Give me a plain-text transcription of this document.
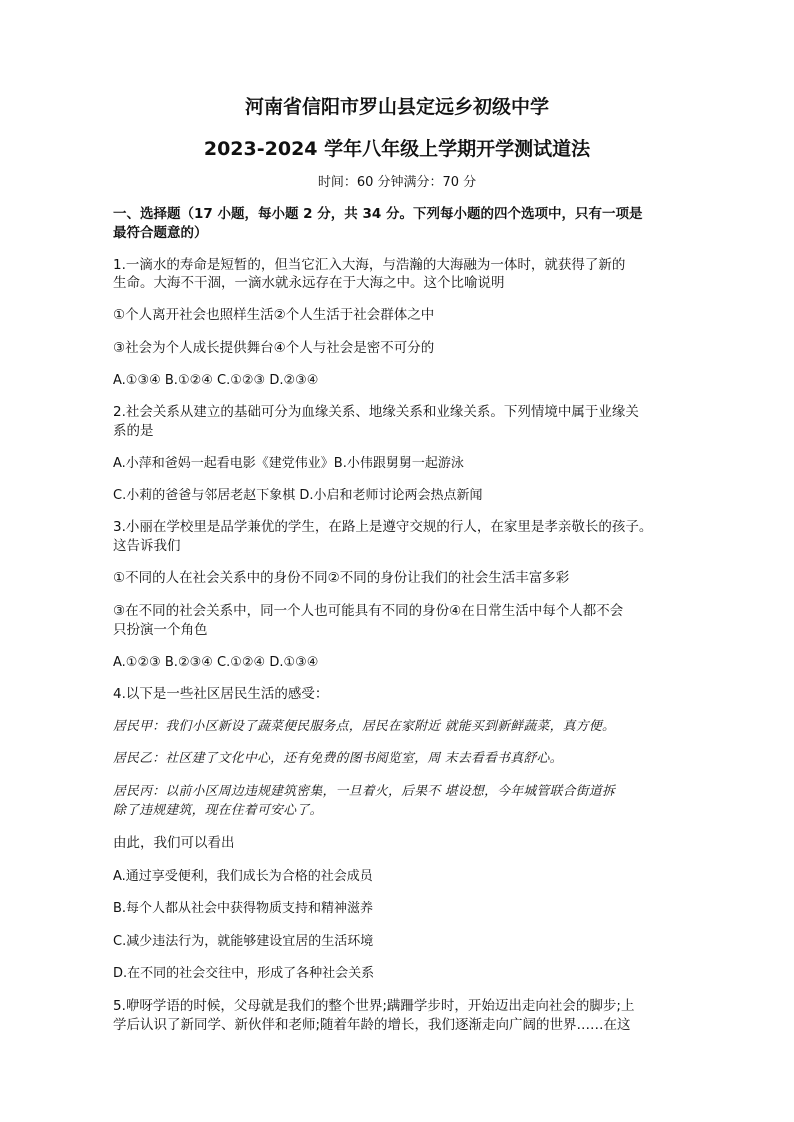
河南省信阳市罗山县定远乡初级中学
2023-2024 学年八年级上学期开学测试道法
时间：60 分钟满分：70 分
一、选择题（17 小题，每小题 2 分，共 34 分。下列每小题的四个选项中，只有一项是
最符合题意的）
1.一滴水的寿命是短暂的，但当它汇入大海，与浩瀚的大海融为一体时，就获得了新的
生命。大海不干涸，一滴水就永远存在于大海之中。这个比喻说明
①个人离开社会也照样生活②个人生活于社会群体之中
③社会为个人成长提供舞台④个人与社会是密不可分的
A.①③④ B.①②④ C.①②③ D.②③④
2.社会关系从建立的基础可分为血缘关系、地缘关系和业缘关系。下列情境中属于业缘关
系的是
A.小萍和爸妈一起看电影《建党伟业》B.小伟跟舅舅一起游泳
C.小莉的爸爸与邻居老赵下象棋 D.小启和老师讨论两会热点新闻
3.小丽在学校里是品学兼优的学生，在路上是遵守交规的行人，在家里是孝亲敬长的孩子。
这告诉我们
①不同的人在社会关系中的身份不同②不同的身份让我们的社会生活丰富多彩
③在不同的社会关系中，同一个人也可能具有不同的身份④在日常生活中每个人都不会
只扮演一个角色
A.①②③ B.②③④ C.①②④ D.①③④
4.以下是一些社区居民生活的感受：
居民甲：我们小区新设了蔬菜便民服务点，居民在家附近 就能买到新鲜蔬菜，真方便。
居民乙：社区建了文化中心，还有免费的图书阅览室，周 末去看看书真舒心。
居民丙：以前小区周边违规建筑密集，一旦着火，后果不 堪设想，今年城管联合街道拆
除了违规建筑，现在住着可安心了。
由此，我们可以看出
A.通过享受便利，我们成长为合格的社会成员
B.每个人都从社会中获得物质支持和精神滋养
C.减少违法行为，就能够建设宜居的生活环境
D.在不同的社会交往中，形成了各种社会关系
5.咿呀学语的时候，父母就是我们的整个世界;蹒跚学步时，开始迈出走向社会的脚步;上
学后认识了新同学、新伙伴和老师;随着年龄的增长，我们逐渐走向广阔的世界……在这
